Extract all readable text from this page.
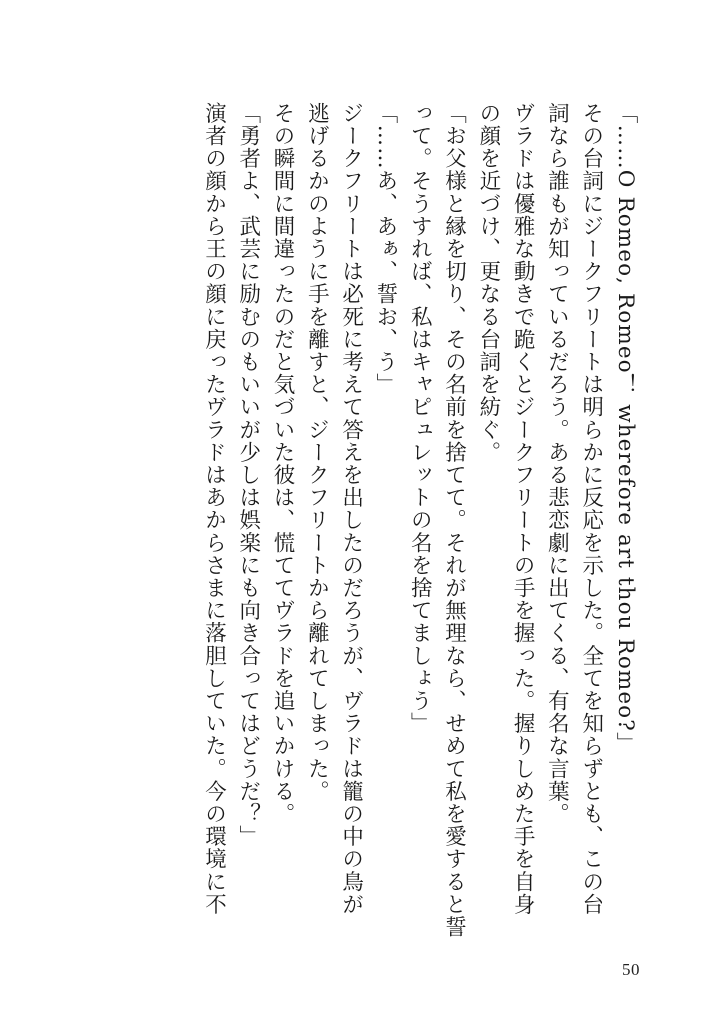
「……O Romeo, Romeo！ wherefore art thou Romeo?」
その台詞にジークフリートは明らかに反応を示した。全てを知らずとも、この台
詞なら誰もが知っているだろう。ある悲恋劇に出てくる、有名な言葉。
ヴラドは優雅な動きで跪くとジークフリートの手を握った。握りしめた手を自身
の顔を近づけ、更なる台詞を紡ぐ。
「お父様と縁を切り、その名前を捨てて。それが無理なら、せめて私を愛すると誓
って。そうすれば、私はキャピュレットの名を捨てましょう」
「……あ、あぁ、誓お、う」
ジークフリートは必死に考えて答えを出したのだろうが、ヴラドは籠の中の鳥が
逃げるかのように手を離すと、ジークフリートから離れてしまった。
その瞬間に間違ったのだと気づいた彼は、慌ててヴラドを追いかける。
「勇者よ、武芸に励むのもいいが少しは娯楽にも向き合ってはどうだ？」
演者の顔から王の顔に戻ったヴラドはあからさまに落胆していた。今の環境に不
50
